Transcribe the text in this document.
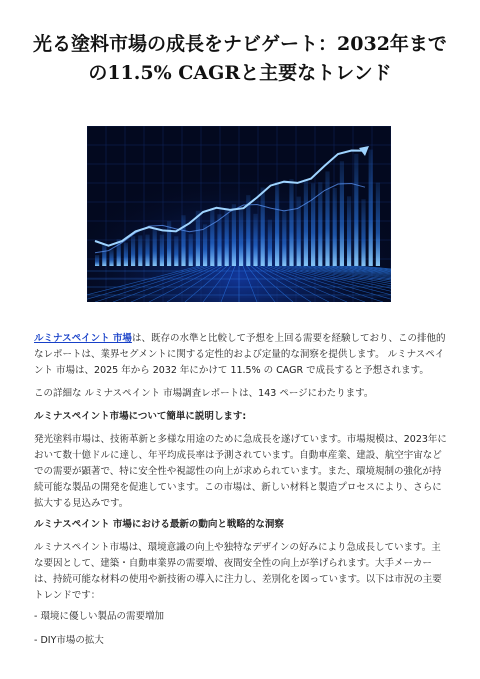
光る塗料市場の成長をナビゲート：2032年までの11.5% CAGRと主要なトレンド

ルミナスペイント 市場は、既存の水準と比較して予想を上回る需要を経験しており、この排他的なレポートは、業界セグメントに関する定性的および定量的な洞察を提供します。 ルミナスペイント 市場は、2025 年から 2032 年にかけて 11.5% の CAGR で成長すると予想されます。

この詳細な ルミナスペイント 市場調査レポートは、143 ページにわたります。

ルミナスペイント市場について簡単に説明します:

発光塗料市場は、技術革新と多様な用途のために急成長を遂げています。市場規模は、2023年において数十億ドルに達し、年平均成長率は予測されています。自動車産業、建設、航空宇宙などでの需要が顕著で、特に安全性や視認性の向上が求められています。また、環境規制の強化が持続可能な製品の開発を促進しています。この市場は、新しい材料と製造プロセスにより、さらに拡大する見込みです。

ルミナスペイント 市場における最新の動向と戦略的な洞察

ルミナスペイント市場は、環境意識の向上や独特なデザインの好みにより急成長しています。主な要因として、建築・自動車業界の需要増、夜間安全性の向上が挙げられます。大手メーカーは、持続可能な材料の使用や新技術の導入に注力し、差別化を図っています。以下は市況の主要トレンドです：

- 環境に優しい製品の需要増加

- DIY市場の拡大
